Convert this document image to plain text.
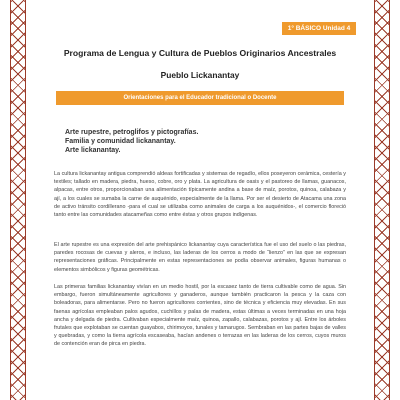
1° BÁSICO Unidad 4
Programa de Lengua y Cultura de Pueblos Originarios Ancestrales
Pueblo Lickanantay
Orientaciones para el Educador tradicional o Docente
Arte rupestre, petroglifos y pictografías.
Familia y comunidad lickanantay.
Arte lickanantay.

La cultura lickanantay antigua comprendió aldeas fortificadas y sistemas de regadío, ellos poseyeron cerámica, cestería y textiles; tallado en madera, piedra, hueso, cobre, oro y plata. La agricultura de oasis y el pastoreo de llamas, guanacos, alpacas, entre otros, proporcionaban una alimentación típicamente andina a base de maíz, porotos, quinoa, calabaza y ají, a los cuales se sumaba la carne de auquénido, especialmente de la llama. Por ser el desierto de Atacama una zona de activo tránsito cordillerano -para el cual se utilizaba como animales de carga a los auquénidos-, el comercio floreció tanto entre las comunidades atacameñas como entre éstas y otros grupos indígenas.

El arte rupestre es una expresión del arte prehispánico lickanantay cuya característica fue el uso del suelo o las piedras, paredes rocosas de cuevas y aleros, e incluso, las laderas de los cerros a modo de “lienzo” en las que se expresan representaciones gráficas. Principalmente en estas representaciones se podía observar animales, figuras humanas o elementos simbólicos y figuras geométricas.

Las primeras familias lickanantay vivían en un medio hostil, por la escasez tanto de tierra cultivable como de agua. Sin embargo, fueron simultáneamente agricultores y ganaderos, aunque también practicaron la pesca y la caza con boleadoras, para alimentarse. Pero no fueron agricultores corrientes, sino de técnica y eficiencia muy elevadas. En sus faenas agrícolas empleaban palos agudos, cuchillos y palas de madera, estas últimas a veces terminadas en una hoja ancha y delgada de piedra. Cultivaban especialmente maíz, quinoa, zapallo, calabazas, porotos y ají. Entre los árboles frutales que explotaban se cuentan guayabos, chirimoyos, tunales y tamarugos. Sembraban en las partes bajas de valles y quebradas, y como la tierra agrícola escaseaba, hacían andenes o terrazas en las laderas de los cerros, cuyos muros de contención eran de pirca en piedra.
